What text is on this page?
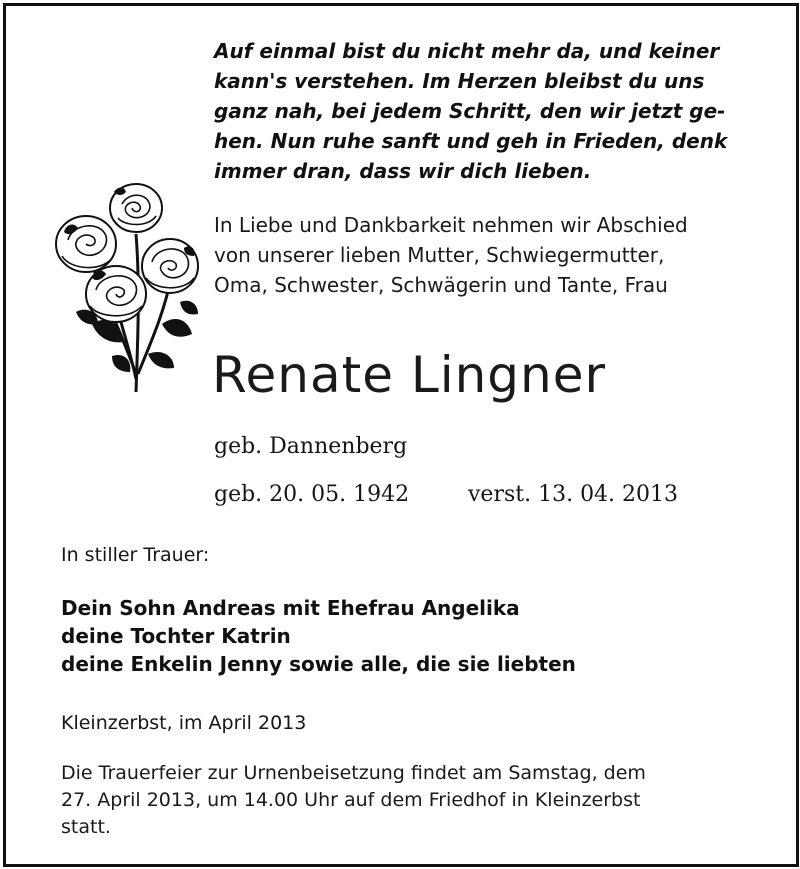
Auf einmal bist du nicht mehr da, und keiner
kann's verstehen. Im Herzen bleibst du uns
ganz nah, bei jedem Schritt, den wir jetzt ge-
hen. Nun ruhe sanft und geh in Frieden, denk
immer dran, dass wir dich lieben.
In Liebe und Dankbarkeit nehmen wir Abschied
von unserer lieben Mutter, Schwiegermutter,
Oma, Schwester, Schwägerin und Tante, Frau
Renate Lingner
geb. Dannenberg
geb. 20. 05. 1942	verst. 13. 04. 2013
In stiller Trauer:
Dein Sohn Andreas mit Ehefrau Angelika
deine Tochter Katrin
deine Enkelin Jenny sowie alle, die sie liebten
Kleinzerbst, im April 2013
Die Trauerfeier zur Urnenbeisetzung findet am Samstag, dem
27. April 2013, um 14.00 Uhr auf dem Friedhof in Kleinzerbst
statt.
